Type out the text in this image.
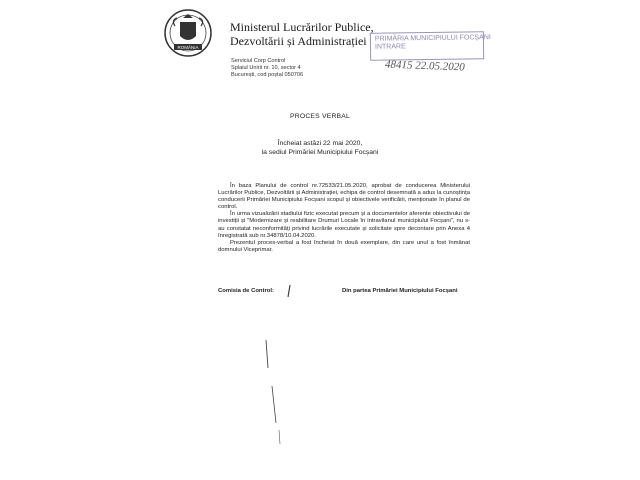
ROMÂNIA
Ministerul Lucrărilor Publice,
Dezvoltării și Administrației	PRIMĂRIA MUNICIPIULUI FOCȘANI
INTRARE
48415 22.05.2020
Serviciul Corp Control
Splaiul Unirii nr. 10, sector 4
București, cod poștal 050706
PROCES VERBAL
Încheiat astăzi 22 mai 2020,
la sediul Primăriei Municipiului Focșani

În baza Planului de control nr.72533/21.05.2020, aprobat de conducerea Ministerului Lucrărilor Publice, Dezvoltării și Administrației, echipa de control desemnată a adus la cunoștința conducerii Primăriei Municipiului Focșani scopul și obiectivele verificării, menționate în planul de control.

În urma vizualizării stadiului fizic executat precum și a documentelor aferente obiectivului de investiții și "Modernizare și reabilitare Drumuri Locale în intravilanul municipiului Focșani", nu s-au constatat neconformități privind lucrările executate și solicitate spre decontare prin Anexa 4 înregistrată sub nr.34878/10.04.2020.

Prezentul proces-verbal a fost încheiat în două exemplare, din care unul a fost înmânat domnului Viceprimar.

Comisia de Control:	Din partea Primăriei Municipiului Focșani
